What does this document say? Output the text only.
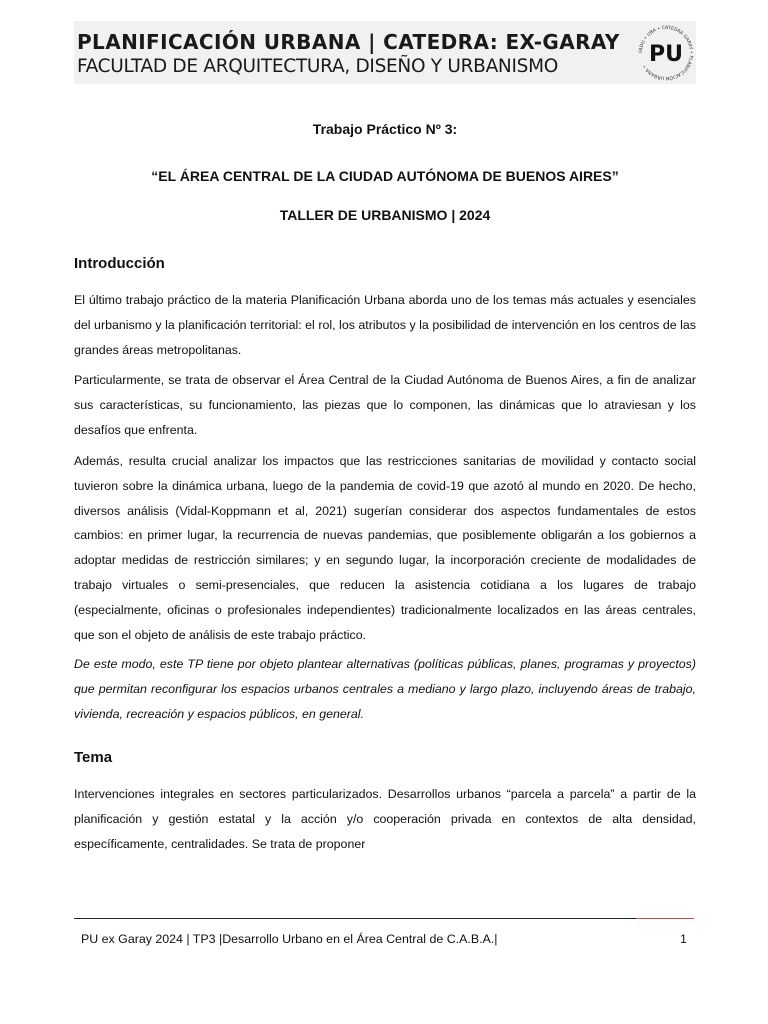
PLANIFICACIÓN URBANA | CATEDRA: EX-GARAY
FACULTAD DE ARQUITECTURA, DISEÑO Y URBANISMO
FADU • UBA • CATEDRA GARAY • PLANIFICACIÓN URBANA • PU
Trabajo Práctico Nº 3:
“EL ÁREA CENTRAL DE LA CIUDAD AUTÓNOMA DE BUENOS AIRES”
TALLER DE URBANISMO | 2024
Introducción
El último trabajo práctico de la materia Planificación Urbana aborda uno de los temas más actuales y esenciales del urbanismo y la planificación territorial: el rol, los atributos y la posibilidad de intervención en los centros de las grandes áreas metropolitanas.
Particularmente, se trata de observar el Área Central de la Ciudad Autónoma de Buenos Aires, a fin de analizar sus características, su funcionamiento, las piezas que lo componen, las dinámicas que lo atraviesan y los desafíos que enfrenta.
Además, resulta crucial analizar los impactos que las restricciones sanitarias de movilidad y contacto social tuvieron sobre la dinámica urbana, luego de la pandemia de covid-19 que azotó al mundo en 2020. De hecho, diversos análisis (Vidal-Koppmann et al, 2021) sugerían considerar dos aspectos fundamentales de estos cambios: en primer lugar, la recurrencia de nuevas pandemias, que posiblemente obligarán a los gobiernos a adoptar medidas de restricción similares; y en segundo lugar, la incorporación creciente de modalidades de trabajo virtuales o semi-presenciales, que reducen la asistencia cotidiana a los lugares de trabajo (especialmente, oficinas o profesionales independientes) tradicionalmente localizados en las áreas centrales, que son el objeto de análisis de este trabajo práctico.
De este modo, este TP tiene por objeto plantear alternativas (políticas públicas, planes, programas y proyectos) que permitan reconfigurar los espacios urbanos centrales a mediano y largo plazo, incluyendo áreas de trabajo, vivienda, recreación y espacios públicos, en general.
Tema
Intervenciones integrales en sectores particularizados. Desarrollos urbanos “parcela a parcela” a partir de la planificación y gestión estatal y la acción y/o cooperación privada en contextos de alta densidad, específicamente, centralidades. Se trata de proponer
PU ex Garay 2024 | TP3 |Desarrollo Urbano en el Área Central de C.A.B.A.|	1
